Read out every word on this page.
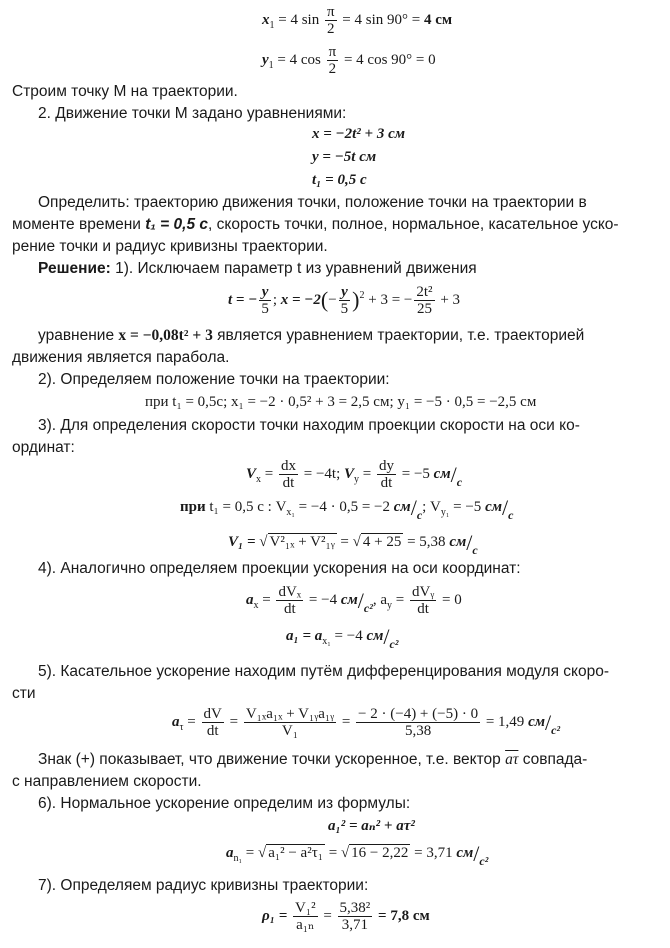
$x_1 = 4$ $\sin \frac{\pi}{2} = 4$ sin 90° = 4 см
$y_1 = 4$ $\cos \frac{\pi}{2} = 4$ cos 90° = 0
Строим точку М на траектории.
2. Движение точки М задано уравнениями:
x = −2t² + 3 см
y = −5t см
t₁ = 0,5 с
Определить: траекторию движения точки, положение точки на траектории в
моменте времени t₁ = 0,5 с, скорость точки, полное, нормальное, касательное уско-
рение точки и радиус кривизны траектории.
Решение: 1). Исключаем параметр t из уравнений движения
t = − $\frac{y}{5}$ ; $x = -2(- \frac{y}{5} )^2 + 3$ = − $\frac{\text{2t²}}{25} + 3$
уравнение x = −0,08t² + 3 является уравнением траектории, т.е. траекторией
движения является парабола.
2). Определяем положение точки на траектории:
при t₁ = 0,5с; x₁ = −2 · 0,5² + 3 = 2,5 см; y₁ = −5 · 0,5 = −2,5 см
3). Для определения скорости точки находим проекции скорости на оси ко-
ординат:
$V_x = \frac{dx}{dt} = -4t$; $V_y = \frac{dy}{dt} = -5$ $см/_с$
при t₁ = 0,5 с : $V_{x_1} = -4 \cdot 0,5 = -2$ $см/_с$; $V_{y_1} = -5$ $см/_с$
V₁ = √ V²₁ₓ + V²₁ᵧ = √ 4 + 25 = 5,38 $см/_с$
4). Аналогично определяем проекции ускорения на оси координат:
$a_x = dV_x$
dt
= −4 $см/_{с^2}$, $a_y$ = dVᵧ
dt
= 0
$a_1 = a_{x_1} = -4$ $см/_{с^2}$
5). Касательное ускорение находим путём дифференцирования модуля скоро-
сти
$a_\tau = \frac{dV}{dt} = \frac{\text{V₁ₓa₁ₓ + V₁ᵧa₁ᵧ}}{\text{V₁}} = \frac{- 2 \cdot (-4) + (-5) \cdot 0}{5,38} = 1,49$ $см/_{с^2}$
Знак (+) показывает, что движение точки ускоренное, т.е. вектор $\overline{a\tau}$ совпада-
с направлением скорости.
6). Нормальное ускорение определим из формулы:
a₁² = aₙ² + aτ²
$a_{n_1}$ = √ a₁² − a²τ₁ = √ 16 − 2,22 = 3,71 $см/_{с^2}$
7). Определяем радиус кривизны траектории:
$\rho_1 = \frac{\text{V₁²}}{\text{a₁ₙ}} = \frac{\text{5,38²}}{3,71} = 7,8$ см
